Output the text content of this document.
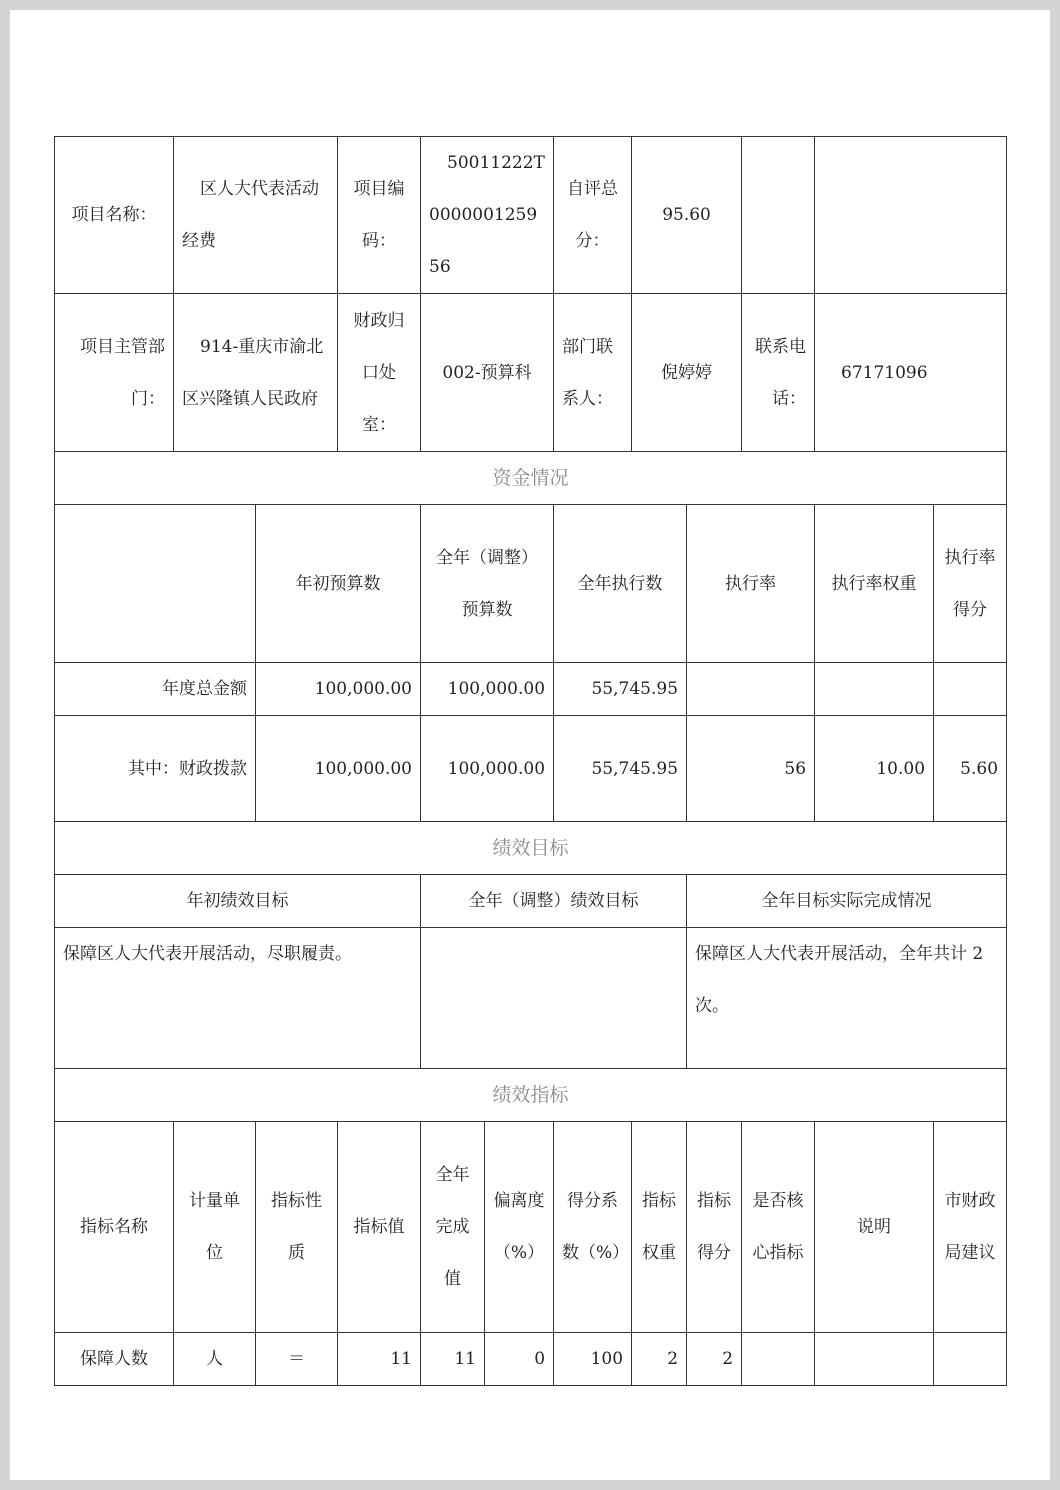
项目名称：	区人大代表活动经费		项目编码：	50011222T000000125956		自评总分：	95.60				
项目主管部门：	914-重庆市渝北区兴隆镇人民政府		财政归口处室：	002-预算科		部门联系人：	倪婷婷		联系电话：	67171096	
资金情况											
		年初预算数		全年（调整）预算数		全年执行数		执行率		执行率权重	执行率得分
年度总金额		100,000.00		100,000.00		55,745.95					
其中：财政拨款		100,000.00		100,000.00		55,745.95		56		10.00	5.60
绩效目标											
年初绩效目标				全年（调整）绩效目标				全年目标实际完成情况			
保障区人大代表开展活动，尽职履责。								保障区人大代表开展活动，全年共计 2 次。			
绩效指标											
指标名称	计量单位	指标性质	指标值	全年完成值	偏离度（%）	得分系数（%）	指标权重	指标得分	是否核心指标	说明	市财政局建议
保障人数	人	＝	11	11	0	100	2	2			
